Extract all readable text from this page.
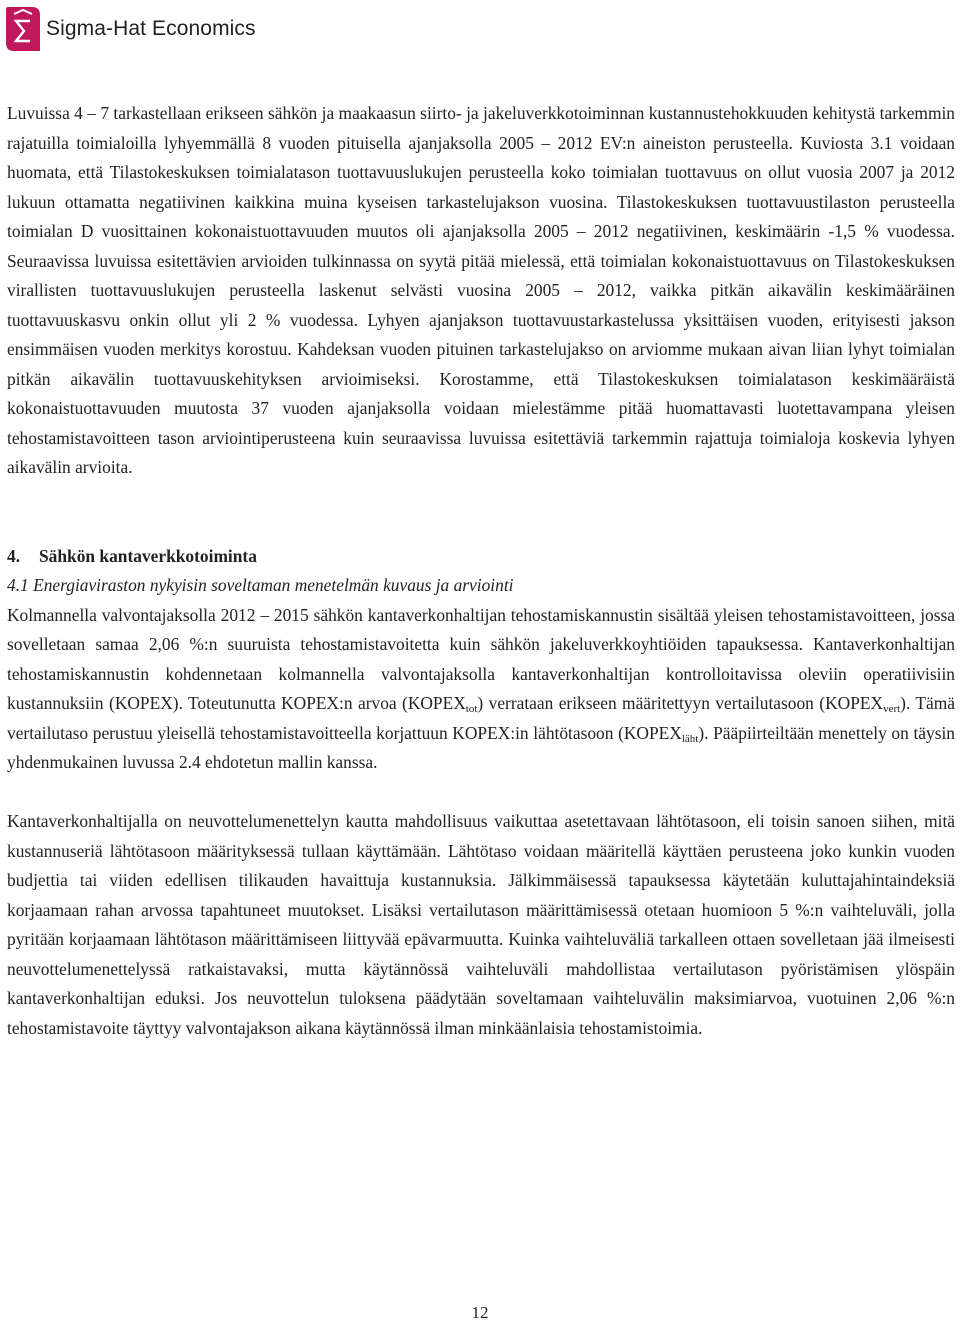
Sigma-Hat Economics

Luvuissa 4 – 7 tarkastellaan erikseen sähkön ja maakaasun siirto- ja jakeluverkkotoiminnan kustannustehokkuuden kehitystä tarkemmin rajatuilla toimialoilla lyhyemmällä 8 vuoden pituisella ajanjaksolla 2005 – 2012 EV:n aineiston perusteella. Kuviosta 3.1 voidaan huomata, että Tilastokeskuksen toimialatason tuottavuuslukujen perusteella koko toimialan tuottavuus on ollut vuosia 2007 ja 2012 lukuun ottamatta negatiivinen kaikkina muina kyseisen tarkastelujakson vuosina. Tilastokeskuksen tuottavuustilaston perusteella toimialan D vuosittainen kokonaistuottavuuden muutos oli ajanjaksolla 2005 – 2012 negatiivinen, keskimäärin -1,5 % vuodessa. Seuraavissa luvuissa esitettävien arvioiden tulkinnassa on syytä pitää mielessä, että toimialan kokonaistuottavuus on Tilastokeskuksen virallisten tuottavuuslukujen perusteella laskenut selvästi vuosina 2005 – 2012, vaikka pitkän aikavälin keskimääräinen tuottavuuskasvu onkin ollut yli 2 % vuodessa. Lyhyen ajanjakson tuottavuustarkastelussa yksittäisen vuoden, erityisesti jakson ensimmäisen vuoden merkitys korostuu. Kahdeksan vuoden pituinen tarkastelujakso on arviomme mukaan aivan liian lyhyt toimialan pitkän aikavälin tuottavuuskehityksen arvioimiseksi. Korostamme, että Tilastokeskuksen toimialatason keskimääräistä kokonaistuottavuuden muutosta 37 vuoden ajanjaksolla voidaan mielestämme pitää huomattavasti luotettavampana yleisen tehostamistavoitteen tason arviointiperusteena kuin seuraavissa luvuissa esitettäviä tarkemmin rajattuja toimialoja koskevia lyhyen aikavälin arvioita.

4. Sähkön kantaverkkotoiminta

4.1 Energiaviraston nykyisin soveltaman menetelmän kuvaus ja arviointi

Kolmannella valvontajaksolla 2012 – 2015 sähkön kantaverkonhaltijan tehostamiskannustin sisältää yleisen tehostamistavoitteen, jossa sovelletaan samaa 2,06 %:n suuruista tehostamistavoitetta kuin sähkön jakeluverkkoyhtiöiden tapauksessa. Kantaverkonhaltijan tehostamiskannustin kohdennetaan kolmannella valvontajaksolla kantaverkonhaltijan kontrolloitavissa oleviin operatiivisiin kustannuksiin (KOPEX). Toteutunutta KOPEX:n arvoa $(KOPEX_{tot})$ verrataan erikseen määritettyyn vertailutasoon $(KOPEX_{vert})$. Tämä vertailutaso perustuu yleisellä tehostamistavoitteella korjattuun KOPEX:in lähtötasoon $(KOPEX_{läht})$. Pääpiirteiltään menettely on täysin yhdenmukainen luvussa 2.4 ehdotetun mallin kanssa.

Kantaverkonhaltijalla on neuvottelumenettelyn kautta mahdollisuus vaikuttaa asetettavaan lähtötasoon, eli toisin sanoen siihen, mitä kustannuseriä lähtötasoon määrityksessä tullaan käyttämään. Lähtötaso voidaan määritellä käyttäen perusteena joko kunkin vuoden budjettia tai viiden edellisen tilikauden havaittuja kustannuksia. Jälkimmäisessä tapauksessa käytetään kuluttajahintaindeksiä korjaamaan rahan arvossa tapahtuneet muutokset. Lisäksi vertailutason määrittämisessä otetaan huomioon 5 %:n vaihteluväli, jolla pyritään korjaamaan lähtötason määrittämiseen liittyvää epävarmuutta. Kuinka vaihteluväliä tarkalleen ottaen sovelletaan jää ilmeisesti neuvottelumenettelyssä ratkaistavaksi, mutta käytännössä vaihteluväli mahdollistaa vertailutason pyöristämisen ylöspäin kantaverkonhaltijan eduksi. Jos neuvottelun tuloksena päädytään soveltamaan vaihteluvälin maksimiarvoa, vuotuinen 2,06 %:n tehostamistavoite täyttyy valvontajakson aikana käytännössä ilman minkäänlaisia tehostamistoimia.

12
